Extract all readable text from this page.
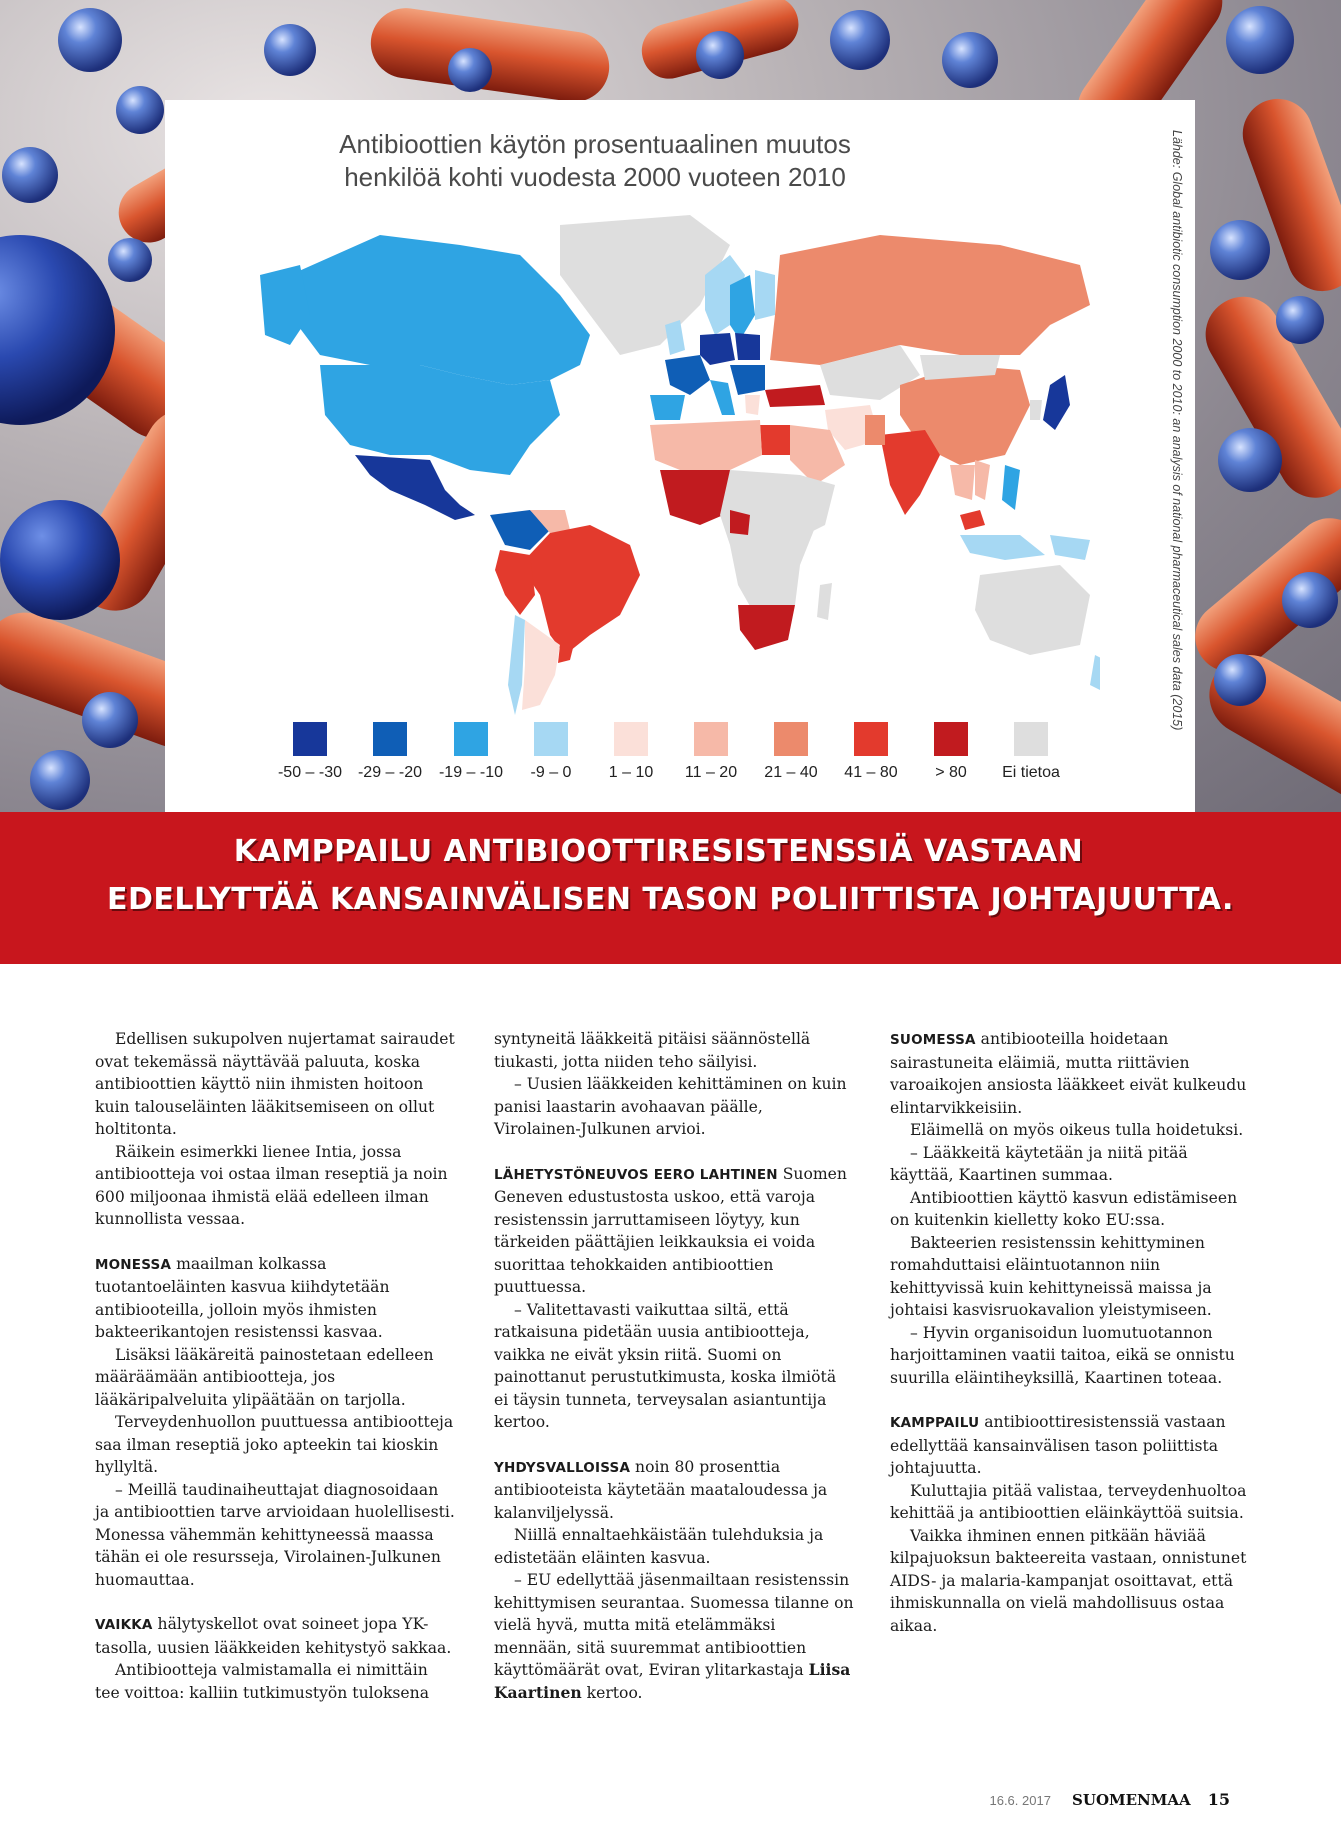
Antibioottien käytön prosentuaalinen muutos
henkilöä kohti vuodesta 2000 vuoteen 2010	Lähde: Global antibiotic consumption 2000 to 2010: an analysis of national pharmaceutical sales data (2015)
-50 – -30 -29 – -20	-19 – -10	-9 – 0	1 – 10	11 – 20	21 – 40	41 – 80	> 80	Ei tietoa
KAMPPAILU ANTIBIOOTTIRESISTENSSIÄ VASTAAN
EDELLYTTÄÄ KANSAINVÄLISEN TASON POLIITTISTA JOHTAJUUTTA.

Edellisen sukupolven nujertamat sairaudet ovat tekemässä näyttävää paluuta, koska antibioottien käyttö niin ihmisten hoitoon kuin talouseläinten lääkitsemiseen on ollut holtitonta.

Räikein esimerkki lienee Intia, jossa antibiootteja voi ostaa ilman reseptiä ja noin 600 miljoonaa ihmistä elää edelleen ilman kunnollista vessaa.

MONESSA maailman kolkassa tuotantoeläinten kasvua kiihdytetään antibiooteilla, jolloin myös ihmisten bakteerikantojen resistenssi kasvaa.

Lisäksi lääkäreitä painostetaan edelleen määräämään antibiootteja, jos lääkäripalveluita ylipäätään on tarjolla.

Terveydenhuollon puuttuessa antibiootteja saa ilman reseptiä joko apteekin tai kioskin hyllyltä.

– Meillä taudinaiheuttajat diagnosoidaan ja antibioottien tarve arvioidaan huolellisesti. Monessa vähemmän kehittyneessä maassa tähän ei ole resursseja, Virolainen-Julkunen huomauttaa.

VAIKKA hälytyskellot ovat soineet jopa YK-tasolla, uusien lääkkeiden kehitystyö sakkaa.

Antibiootteja valmistamalla ei nimittäin tee voittoa: kalliin tutkimustyön tuloksena

syntyneitä lääkkeitä pitäisi säännöstellä tiukasti, jotta niiden teho säilyisi.

– Uusien lääkkeiden kehittäminen on kuin panisi laastarin avohaavan päälle, Virolainen-Julkunen arvioi.

LÄHETYSTÖNEUVOS EERO LAHTINEN Suomen Geneven edustustosta uskoo, että varoja resistenssin jarruttamiseen löytyy, kun tärkeiden päättäjien leikkauksia ei voida suorittaa tehokkaiden antibioottien puuttuessa.

– Valitettavasti vaikuttaa siltä, että ratkaisuna pidetään uusia antibiootteja, vaikka ne eivät yksin riitä. Suomi on painottanut perustutkimusta, koska ilmiötä ei täysin tunneta, terveysalan asiantuntija kertoo.

YHDYSVALLOISSA noin 80 prosenttia antibiooteista käytetään maataloudessa ja kalanviljelyssä.

Niillä ennaltaehkäistään tulehduksia ja edistetään eläinten kasvua.

– EU edellyttää jäsenmailtaan resistenssin kehittymisen seurantaa. Suomessa tilanne on vielä hyvä, mutta mitä etelämmäksi mennään, sitä suuremmat antibioottien käyttömäärät ovat, Eviran ylitarkastaja Liisa Kaartinen kertoo.

SUOMESSA antibiooteilla hoidetaan sairastuneita eläimiä, mutta riittävien varoaikojen ansiosta lääkkeet eivät kulkeudu elintarvikkeisiin.

Eläimellä on myös oikeus tulla hoidetuksi.

– Lääkkeitä käytetään ja niitä pitää käyttää, Kaartinen summaa.

Antibioottien käyttö kasvun edistämiseen on kuitenkin kielletty koko EU:ssa.

Bakteerien resistenssin kehittyminen romahduttaisi eläintuotannon niin kehittyvissä kuin kehittyneissä maissa ja johtaisi kasvisruokavalion yleistymiseen.

– Hyvin organisoidun luomutuotannon harjoittaminen vaatii taitoa, eikä se onnistu suurilla eläintiheyksillä, Kaartinen toteaa.

KAMPPAILU antibioottiresistenssiä vastaan edellyttää kansainvälisen tason poliittista johtajuutta.

Kuluttajia pitää valistaa, terveydenhuoltoa kehittää ja antibioottien eläinkäyttöä suitsia.

Vaikka ihminen ennen pitkään häviää kilpajuoksun bakteereita vastaan, onnistunet AIDS- ja malaria-kampanjat osoittavat, että ihmiskunnalla on vielä mahdollisuus ostaa aikaa.

16.6. 2017 SUOMENMAA 15
